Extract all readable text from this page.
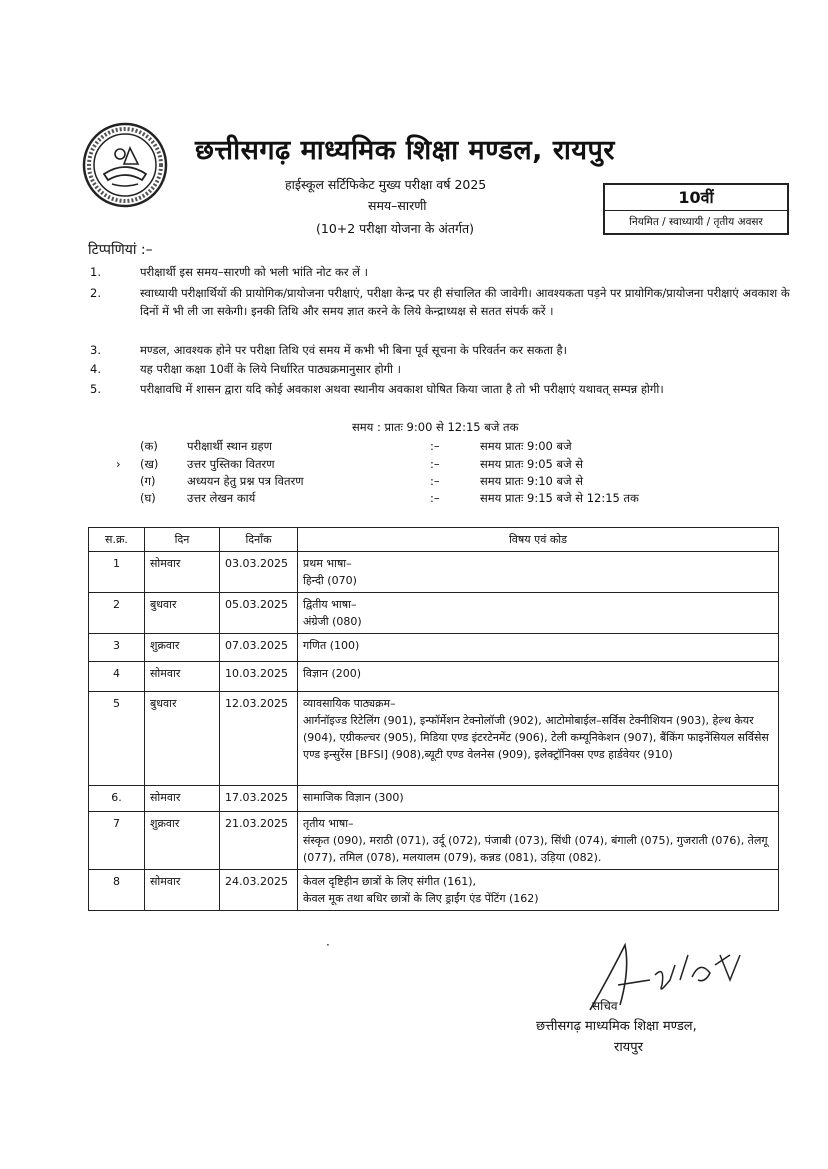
छत्तीसगढ़ माध्यमिक शिक्षा मण्डल, रायपुर
हाईस्कूल सर्टिफिकेट मुख्य परीक्षा वर्ष 2025
समय–सारणी
(10+2 परीक्षा योजना के अंतर्गत)
10वीं
नियमित / स्वाध्यायी / तृतीय अवसर
टिप्पणियां :–
1.	परीक्षार्थी इस समय–सारणी को भली भांति नोट कर लें ।
2.	स्वाध्यायी परीक्षार्थियों की प्रायोगिक/प्रायोजना परीक्षाएं, परीक्षा केन्द्र पर ही संचालित की जावेगी। आवश्यकता पड़ने पर प्रायोगिक/प्रायोजना परीक्षाएं अवकाश के दिनों में भी ली जा सकेगी। इनकी तिथि और समय ज्ञात करने के लिये केन्द्राध्यक्ष से सतत संपर्क करें ।
3.	मण्डल, आवश्यक होने पर परीक्षा तिथि एवं समय में कभी भी बिना पूर्व सूचना के परिवर्तन कर सकता है।
4.	यह परीक्षा कक्षा 10वीं के लिये निर्धारित पाठ्यक्रमानुसार होगी ।
5.	परीक्षावधि में शासन द्वारा यदि कोई अवकाश अथवा स्थानीय अवकाश घोषित किया जाता है तो भी परीक्षाएं यथावत् सम्पन्न होगी।
समय : प्रातः 9:00 से 12:15 बजे तक
(क)	परीक्षार्थी स्थान ग्रहण	:–	समय प्रातः 9:00 बजे
› (ख) उत्तर पुस्तिका वितरण	:–	समय प्रातः 9:05 बजे से
(ग)	अध्ययन हेतु प्रश्न पत्र वितरण	:–	समय प्रातः 9:10 बजे से
(घ)	उत्तर लेखन कार्य	:–	समय प्रातः 9:15 बजे से 12:15 तक
स.क्र.	दिन	दिनाँक	विषय एवं कोड
1	सोमवार	03.03.2025	प्रथम भाषा–
हिन्दी (070)

2	बुधवार	05.03.2025	द्वितीय भाषा–
अंग्रेजी (080)

3	शुक्रवार	07.03.2025	गणित (100)

4	सोमवार	10.03.2025	विज्ञान (200)

5	बुधवार	12.03.2025	व्यावसायिक पाठ्यक्रम–
आर्गनॉइज्ड रिटेलिंग (901), इन्फॉर्मेशन टेक्नोलॉजी (902), आटोमोबाईल–सर्विस टेक्नीशियन (903), हेल्थ केयर (904), एग्रीकल्चर (905), मिडिया एण्ड इंटरटेनमेंट (906), टेली कम्यूनिकेशन (907), बैंकिंग फाइनेंसियल सर्विसेस एण्ड इन्सुरेंस [BFSI] (908),ब्यूटी एण्ड वेलनेस (909), इलेक्ट्रॉनिक्स एण्ड हार्डवेयर (910)

6.	सोमवार	17.03.2025	सामाजिक विज्ञान (300)

7	शुक्रवार	21.03.2025	तृतीय भाषा–
संस्कृत (090), मराठी (071), उर्दू (072), पंजाबी (073), सिंधी (074), बंगाली (075), गुजराती (076), तेलगू (077), तमिल (078), मलयालम (079), कन्नड (081), उड़िया (082).

8	सोमवार	24.03.2025	केवल दृष्टिहीन छात्रों के लिए संगीत (161),
केवल मूक तथा बधिर छात्रों के लिए ड्राईंग एंड पेंटिंग (162)
·
सचिव
छत्तीसगढ़ माध्यमिक शिक्षा मण्डल,
रायपुर
